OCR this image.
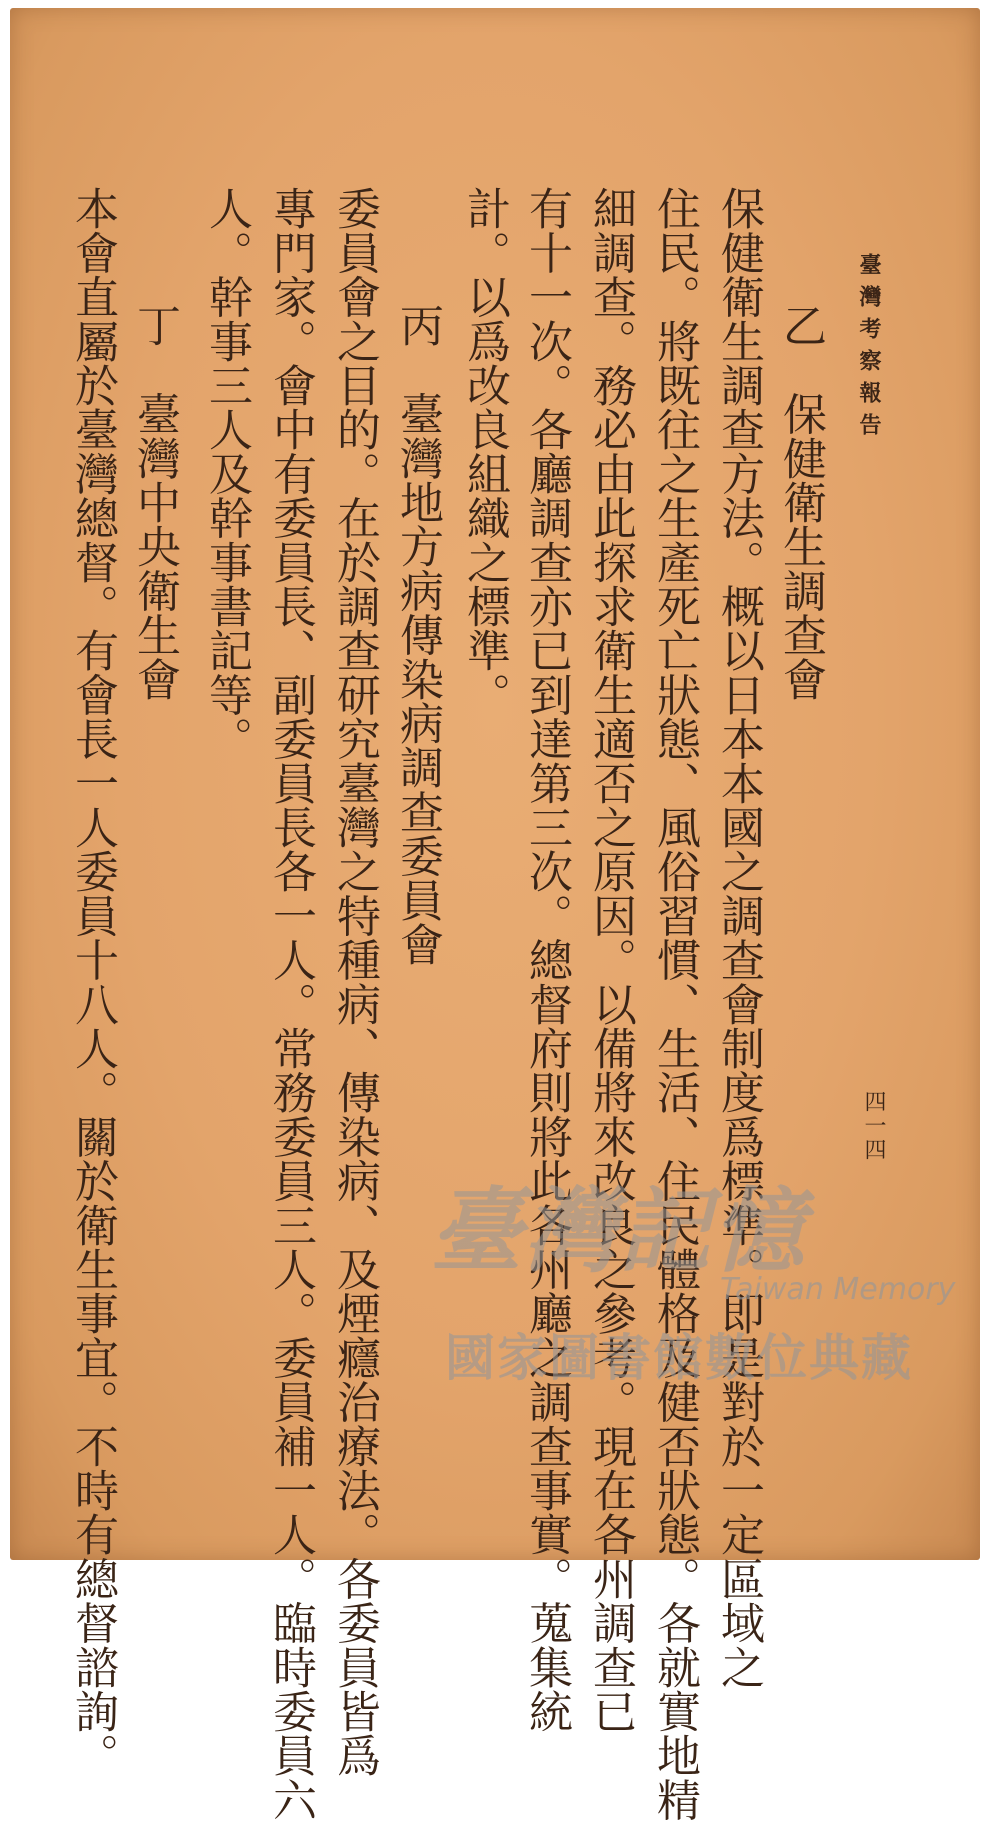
臺灣考察報告
四一四
乙　保健衛生調查會
保健衛生調查方法。概以日本本國之調查會制度爲標準。即是對於一定區域之
住民。將既往之生產死亡狀態、風俗習慣、生活、住民體格及健否狀態。各就實地精
細調查。務必由此探求衛生適否之原因。以備將來改良之參考。現在各州調查已
有十一次。各廳調查亦已到達第三次。總督府則將此各州廳之調查事實。蒐集統
計。以爲改良組織之標準。
丙　臺灣地方病傳染病調查委員會
委員會之目的。在於調查研究臺灣之特種病、傳染病、及煙癮治療法。各委員皆爲
專門家。會中有委員長、副委員長各一人。常務委員三人。委員補一人。臨時委員六
人。幹事三人及幹事書記等。
丁　臺灣中央衛生會
本會直屬於臺灣總督。有會長一人委員十八人。關於衛生事宜。不時有總督諮詢。	臺灣記憶
Taiwan Memory
國家圖書館數位典藏
